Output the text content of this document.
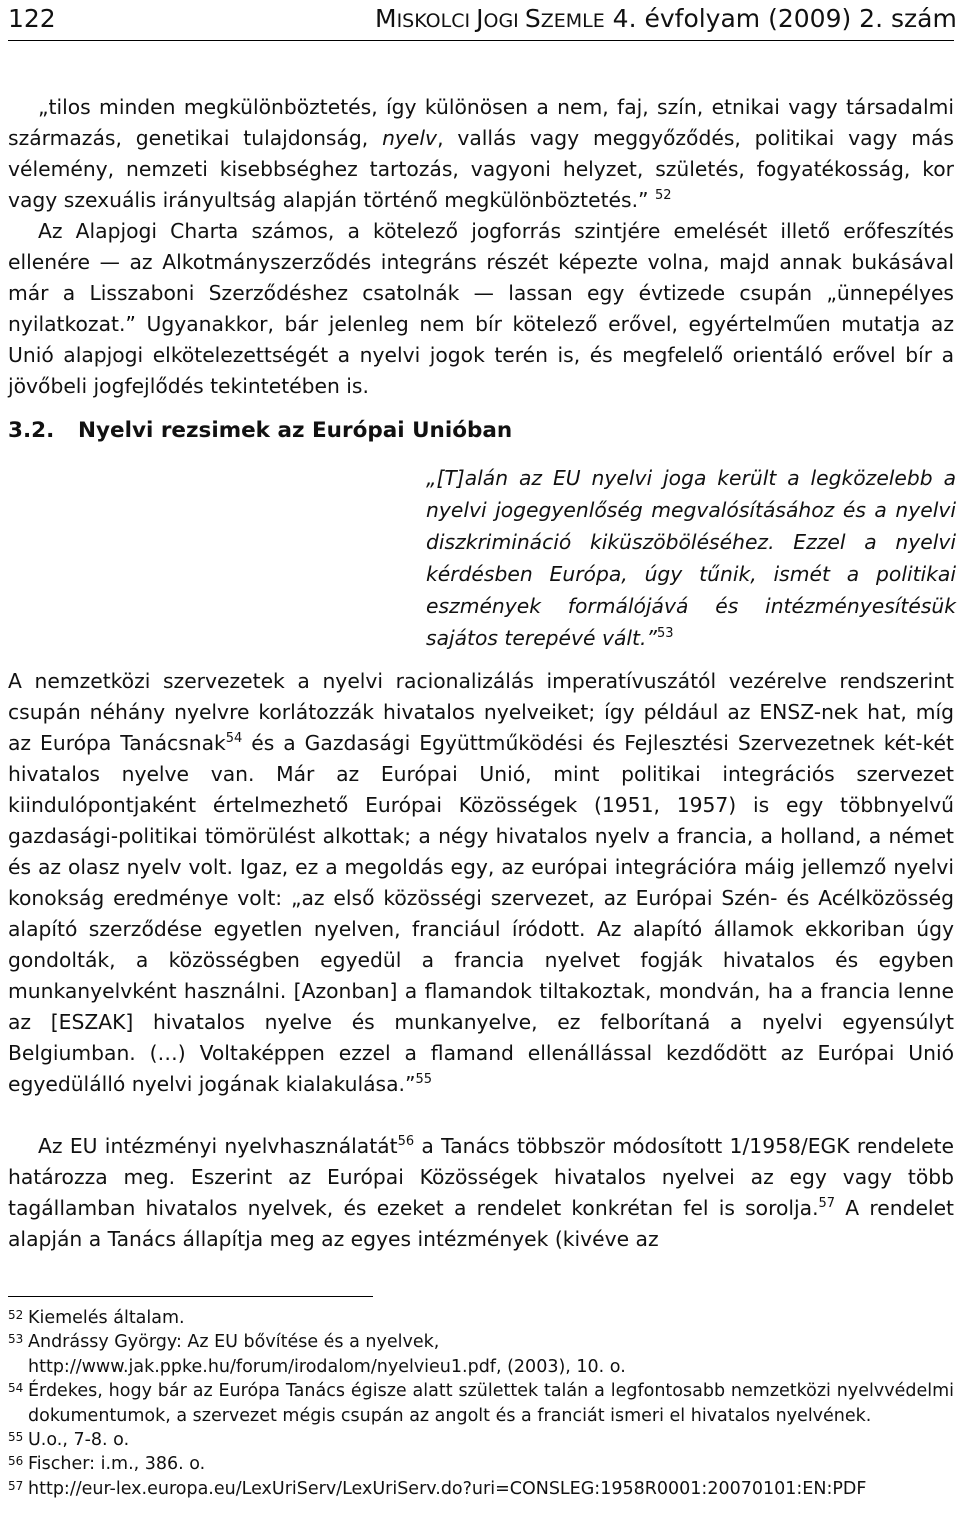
122	MISKOLCI JOGI SZEMLE 4. évfolyam (2009) 2. szám

„tilos minden megkülönböztetés, így különösen a nem, faj, szín, etnikai vagy társadalmi származás, genetikai tulajdonság, nyelv, vallás vagy meggyőződés, politikai vagy más vélemény, nemzeti kisebbséghez tartozás, vagyoni helyzet, születés, fogyatékosság, kor vagy szexuális irányultság alapján történő megkülönböztetés.” $^{52}$

Az Alapjogi Charta számos, a kötelező jogforrás szintjére emelését illető erőfeszítés ellenére — az Alkotmányszerződés integráns részét képezte volna, majd annak bukásával már a Lisszaboni Szerződéshez csatolnák — lassan egy évtizede csupán „ünnepélyes nyilatkozat.” Ugyanakkor, bár jelenleg nem bír kötelező erővel, egyértelműen mutatja az Unió alapjogi elkötelezettségét a nyelvi jogok terén is, és megfelelő orientáló erővel bír a jövőbeli jogfejlődés tekintetében is.

3.2. Nyelvi rezsimek az Európai Unióban

„[T]alán az EU nyelvi joga került a legközelebb a nyelvi jogegyenlőség megvalósításához és a nyelvi diszkrimináció kiküszöböléséhez. Ezzel a nyelvi kérdésben Európa, úgy tűnik, ismét a politikai eszmények formálójává és intézményesítésük sajátos terepévé vált.”$^{53}$

A nemzetközi szervezetek a nyelvi racionalizálás imperatívuszától vezérelve rendszerint csupán néhány nyelvre korlátozzák hivatalos nyelveiket; így például az ENSZ-nek hat, míg az Európa Tanácsnak$^{54}$ és a Gazdasági Együttműködési és Fejlesztési Szervezetnek két-két hivatalos nyelve van. Már az Európai Unió, mint politikai integrációs szervezet kiindulópontjaként értelmezhető Európai Közösségek (1951, 1957) is egy többnyelvű gazdasági-politikai tömörülést alkottak; a négy hivatalos nyelv a francia, a holland, a német és az olasz nyelv volt. Igaz, ez a megoldás egy, az európai integrációra máig jellemző nyelvi konokság eredménye volt: „az első közösségi szervezet, az Európai Szén- és Acélközösség alapító szerződése egyetlen nyelven, franciául íródott. Az alapító államok ekkoriban úgy gondolták, a közösségben egyedül a francia nyelvet fogják hivatalos és egyben munkanyelvként használni. [Azonban] a flamandok tiltakoztak, mondván, ha a francia lenne az [ESZAK] hivatalos nyelve és munkanyelve, ez felborítaná a nyelvi egyensúlyt Belgiumban. (…) Voltaképpen ezzel a flamand ellenállással kezdődött az Európai Unió egyedülálló nyelvi jogának kialakulása.”$^{55}$

Az EU intézményi nyelvhasználatát$^{56}$ a Tanács többször módosított 1/1958/EGK rendelete határozza meg. Eszerint az Európai Közösségek hivatalos nyelvei az egy vagy több tagállamban hivatalos nyelvek, és ezeket a rendelet konkrétan fel is sorolja.$^{57}$ A rendelet alapján a Tanács állapítja meg az egyes intézmények (kivéve az

52 Kiemelés általam.
53 Andrássy György: Az EU bővítése és a nyelvek,
http://www.jak.ppke.hu/forum/irodalom/nyelvieu1.pdf, (2003), 10. o.
54 Érdekes, hogy bár az Európa Tanács égisze alatt születtek talán a legfontosabb nemzetközi nyelvvédelmi dokumentumok, a szervezet mégis csupán az angolt és a franciát ismeri el hivatalos nyelvének.
55 U.o., 7-8. o.
56 Fischer: i.m., 386. o.
57 http://eur-lex.europa.eu/LexUriServ/LexUriServ.do?uri=CONSLEG:1958R0001:20070101:EN:PDF
